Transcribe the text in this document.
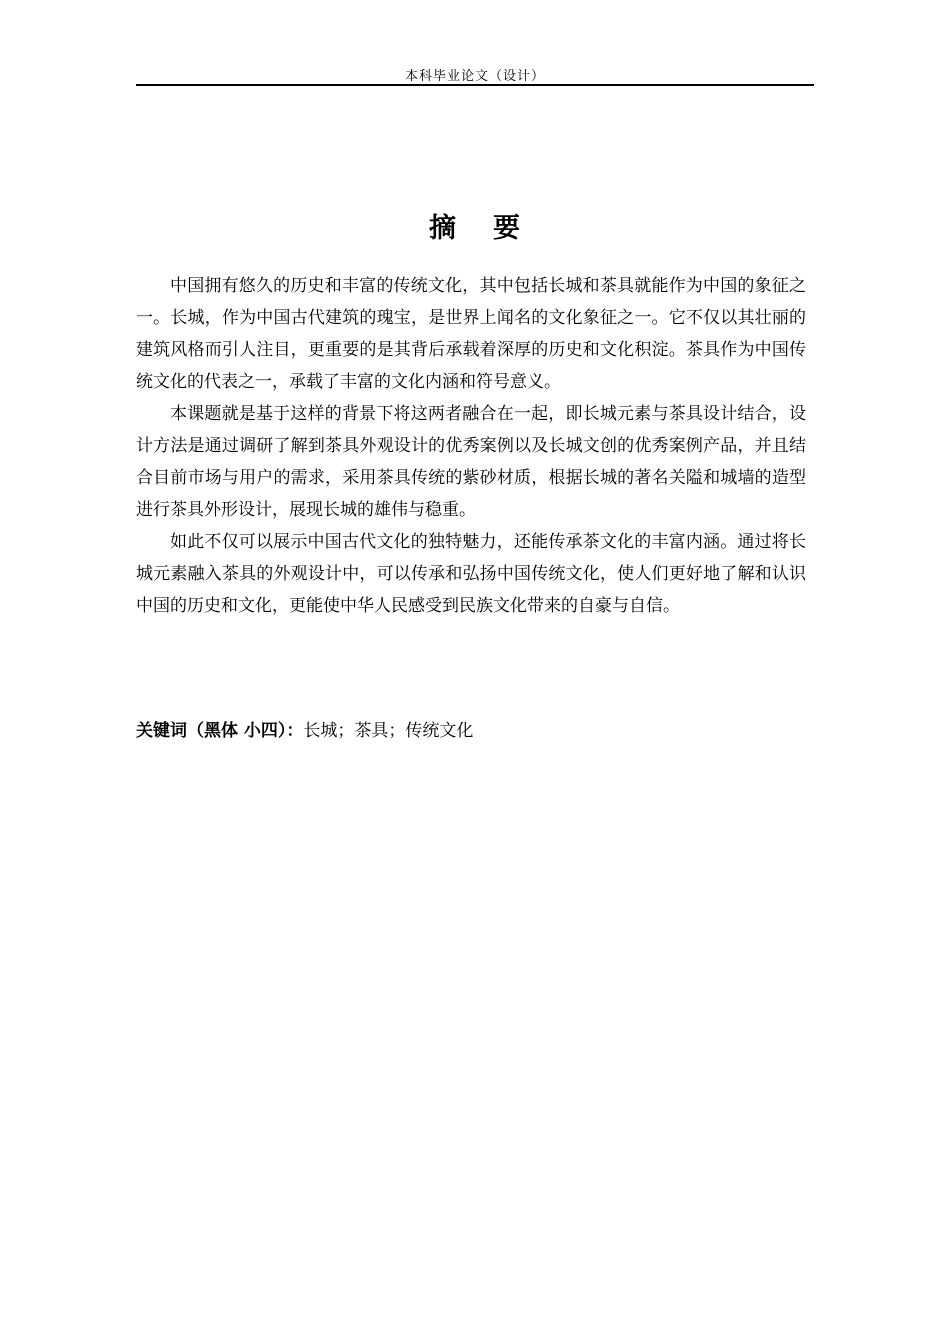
本科毕业论文（设计）
摘 要

中国拥有悠久的历史和丰富的传统文化，其中包括长城和茶具就能作为中国的象征之一。长城，作为中国古代建筑的瑰宝，是世界上闻名的文化象征之一。它不仅以其壮丽的建筑风格而引人注目，更重要的是其背后承载着深厚的历史和文化积淀。茶具作为中国传统文化的代表之一，承载了丰富的文化内涵和符号意义。

本课题就是基于这样的背景下将这两者融合在一起，即长城元素与茶具设计结合，设计方法是通过调研了解到茶具外观设计的优秀案例以及长城文创的优秀案例产品，并且结合目前市场与用户的需求，采用茶具传统的紫砂材质，根据长城的著名关隘和城墙的造型进行茶具外形设计，展现长城的雄伟与稳重。

如此不仅可以展示中国古代文化的独特魅力，还能传承茶文化的丰富内涵。通过将长城元素融入茶具的外观设计中，可以传承和弘扬中国传统文化，使人们更好地了解和认识中国的历史和文化，更能使中华人民感受到民族文化带来的自豪与自信。

关键词（黑体 小四）：长城；茶具；传统文化
